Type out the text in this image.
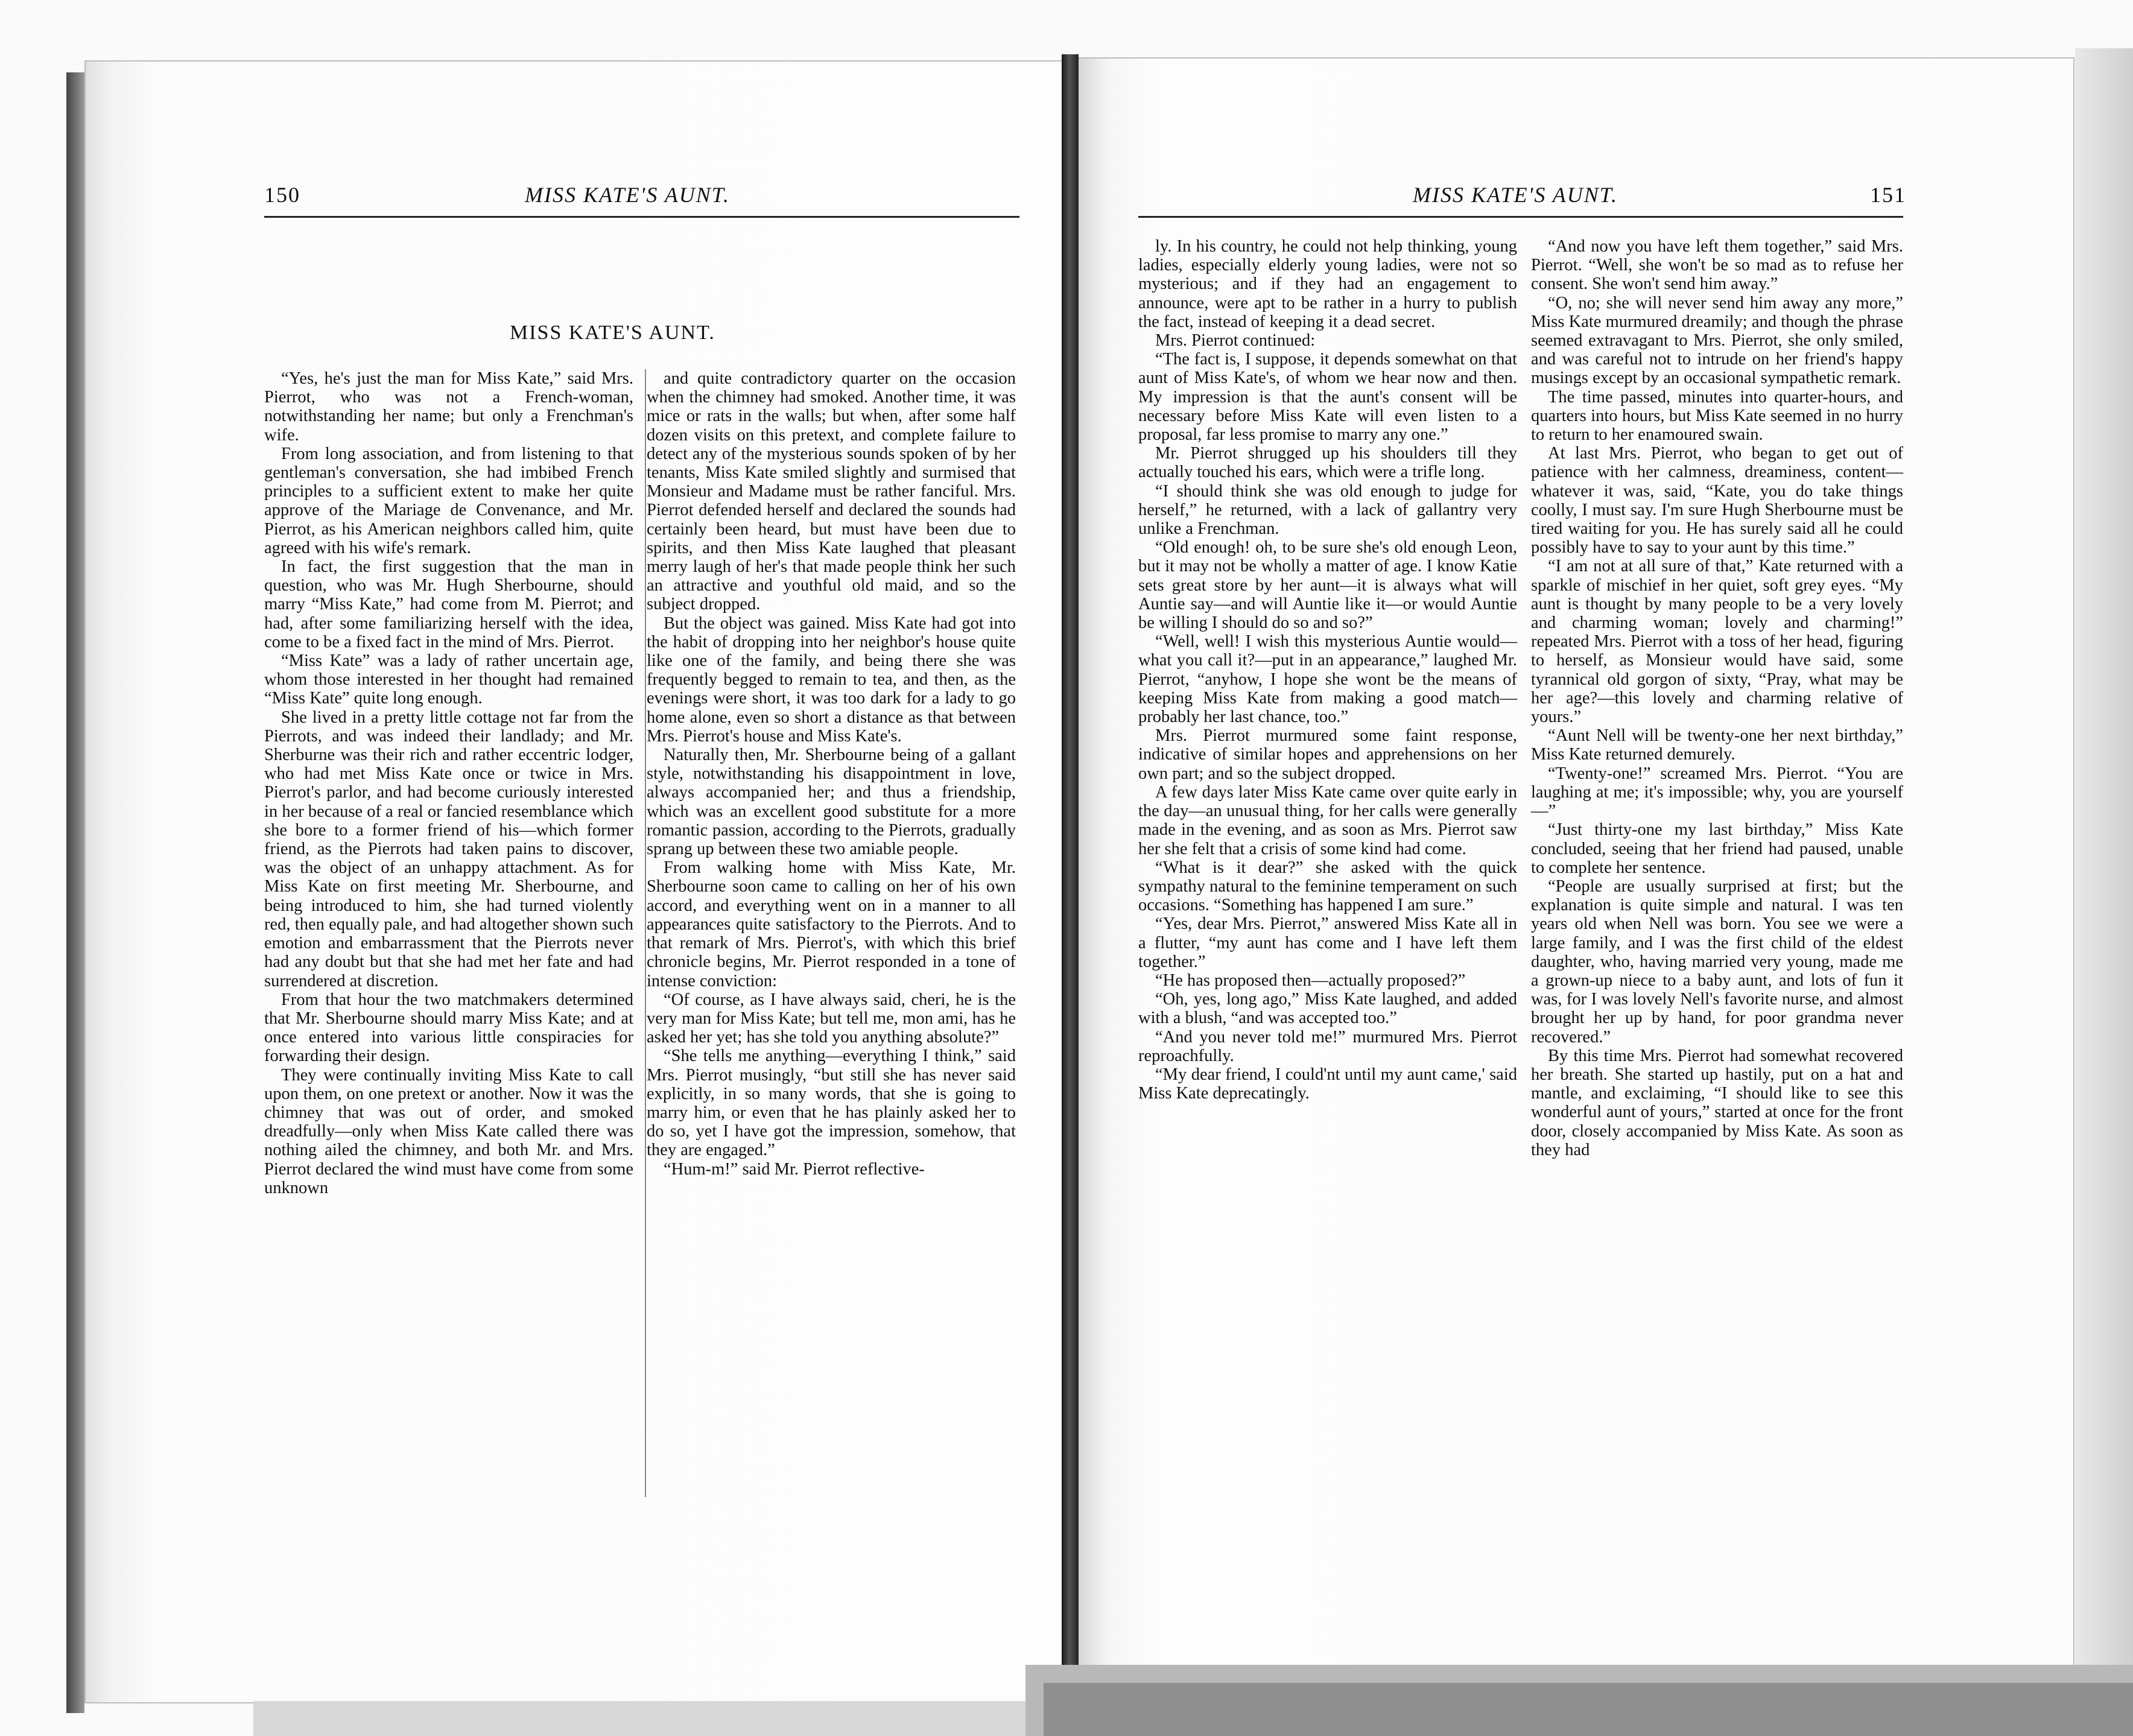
150	MISS KATE'S AUNT.
MISS KATE'S AUNT.

“Yes, he's just the man for Miss Kate,” said Mrs. Pierrot, who was not a French-woman, notwithstanding her name; but only a Frenchman's wife.

From long association, and from listening to that gentleman's conversation, she had imbibed French principles to a sufficient extent to make her quite approve of the Mariage de Convenance, and Mr. Pierrot, as his American neighbors called him, quite agreed with his wife's remark.

In fact, the first suggestion that the man in question, who was Mr. Hugh Sherbourne, should marry “Miss Kate,” had come from M. Pierrot; and had, after some familiarizing herself with the idea, come to be a fixed fact in the mind of Mrs. Pierrot.

“Miss Kate” was a lady of rather uncertain age, whom those interested in her thought had remained “Miss Kate” quite long enough.

She lived in a pretty little cottage not far from the Pierrots, and was indeed their landlady; and Mr. Sherburne was their rich and rather eccentric lodger, who had met Miss Kate once or twice in Mrs. Pierrot's parlor, and had become curiously interested in her because of a real or fancied resemblance which she bore to a former friend of his—which former friend, as the Pierrots had taken pains to discover, was the object of an unhappy attachment. As for Miss Kate on first meeting Mr. Sherbourne, and being introduced to him, she had turned violently red, then equally pale, and had altogether shown such emotion and embarrassment that the Pierrots never had any doubt but that she had met her fate and had surrendered at discretion.

From that hour the two matchmakers determined that Mr. Sherbourne should marry Miss Kate; and at once entered into various little conspiracies for forwarding their design.

They were continually inviting Miss Kate to call upon them, on one pretext or another. Now it was the chimney that was out of order, and smoked dreadfully—only when Miss Kate called there was nothing ailed the chimney, and both Mr. and Mrs. Pierrot declared the wind must have come from some unknown

and quite contradictory quarter on the occasion when the chimney had smoked. Another time, it was mice or rats in the walls; but when, after some half dozen visits on this pretext, and complete failure to detect any of the mysterious sounds spoken of by her tenants, Miss Kate smiled slightly and surmised that Monsieur and Madame must be rather fanciful. Mrs. Pierrot defended herself and declared the sounds had certainly been heard, but must have been due to spirits, and then Miss Kate laughed that pleasant merry laugh of her's that made people think her such an attractive and youthful old maid, and so the subject dropped.

But the object was gained. Miss Kate had got into the habit of dropping into her neighbor's house quite like one of the family, and being there she was frequently begged to remain to tea, and then, as the evenings were short, it was too dark for a lady to go home alone, even so short a distance as that between Mrs. Pierrot's house and Miss Kate's.

Naturally then, Mr. Sherbourne being of a gallant style, notwithstanding his disappointment in love, always accompanied her; and thus a friendship, which was an excellent good substitute for a more romantic passion, according to the Pierrots, gradually sprang up between these two amiable people.

From walking home with Miss Kate, Mr. Sherbourne soon came to calling on her of his own accord, and everything went on in a manner to all appearances quite satisfactory to the Pierrots. And to that remark of Mrs. Pierrot's, with which this brief chronicle begins, Mr. Pierrot responded in a tone of intense conviction:

“Of course, as I have always said, cheri, he is the very man for Miss Kate; but tell me, mon ami, has he asked her yet; has she told you anything absolute?”

“She tells me anything—everything I think,” said Mrs. Pierrot musingly, “but still she has never said explicitly, in so many words, that she is going to marry him, or even that he has plainly asked her to do so, yet I have got the impression, somehow, that they are engaged.”

“Hum-m!” said Mr. Pierrot reflective-

MISS KATE'S AUNT.	151

ly. In his country, he could not help thinking, young ladies, especially elderly young ladies, were not so mysterious; and if they had an engagement to announce, were apt to be rather in a hurry to publish the fact, instead of keeping it a dead secret.

Mrs. Pierrot continued:

“The fact is, I suppose, it depends somewhat on that aunt of Miss Kate's, of whom we hear now and then. My impression is that the aunt's consent will be necessary before Miss Kate will even listen to a proposal, far less promise to marry any one.”

Mr. Pierrot shrugged up his shoulders till they actually touched his ears, which were a trifle long.

“I should think she was old enough to judge for herself,” he returned, with a lack of gallantry very unlike a Frenchman.

“Old enough! oh, to be sure she's old enough Leon, but it may not be wholly a matter of age. I know Katie sets great store by her aunt—it is always what will Auntie say—and will Auntie like it—or would Auntie be willing I should do so and so?”

“Well, well! I wish this mysterious Auntie would—what you call it?—put in an appearance,” laughed Mr. Pierrot, “anyhow, I hope she wont be the means of keeping Miss Kate from making a good match—probably her last chance, too.”

Mrs. Pierrot murmured some faint response, indicative of similar hopes and apprehensions on her own part; and so the subject dropped.

A few days later Miss Kate came over quite early in the day—an unusual thing, for her calls were generally made in the evening, and as soon as Mrs. Pierrot saw her she felt that a crisis of some kind had come.

“What is it dear?” she asked with the quick sympathy natural to the feminine temperament on such occasions. “Something has happened I am sure.”

“Yes, dear Mrs. Pierrot,” answered Miss Kate all in a flutter, “my aunt has come and I have left them together.”

“He has proposed then—actually proposed?”

“Oh, yes, long ago,” Miss Kate laughed, and added with a blush, “and was accepted too.”

“And you never told me!” murmured Mrs. Pierrot reproachfully.

“My dear friend, I could'nt until my aunt came,' said Miss Kate deprecatingly.

“And now you have left them together,” said Mrs. Pierrot. “Well, she won't be so mad as to refuse her consent. She won't send him away.”

“O, no; she will never send him away any more,” Miss Kate murmured dreamily; and though the phrase seemed extravagant to Mrs. Pierrot, she only smiled, and was careful not to intrude on her friend's happy musings except by an occasional sympathetic remark.

The time passed, minutes into quarter-hours, and quarters into hours, but Miss Kate seemed in no hurry to return to her enamoured swain.

At last Mrs. Pierrot, who began to get out of patience with her calmness, dreaminess, content—whatever it was, said, “Kate, you do take things coolly, I must say. I'm sure Hugh Sherbourne must be tired waiting for you. He has surely said all he could possibly have to say to your aunt by this time.”

“I am not at all sure of that,” Kate returned with a sparkle of mischief in her quiet, soft grey eyes. “My aunt is thought by many people to be a very lovely and charming woman; lovely and charming!” repeated Mrs. Pierrot with a toss of her head, figuring to herself, as Monsieur would have said, some tyrannical old gorgon of sixty, “Pray, what may be her age?—this lovely and charming relative of yours.”

“Aunt Nell will be twenty-one her next birthday,” Miss Kate returned demurely.

“Twenty-one!” screamed Mrs. Pierrot. “You are laughing at me; it's impossible; why, you are yourself—”

“Just thirty-one my last birthday,” Miss Kate concluded, seeing that her friend had paused, unable to complete her sentence.

“People are usually surprised at first; but the explanation is quite simple and natural. I was ten years old when Nell was born. You see we were a large family, and I was the first child of the eldest daughter, who, having married very young, made me a grown-up niece to a baby aunt, and lots of fun it was, for I was lovely Nell's favorite nurse, and almost brought her up by hand, for poor grandma never recovered.”

By this time Mrs. Pierrot had somewhat recovered her breath. She started up hastily, put on a hat and mantle, and exclaiming, “I should like to see this wonderful aunt of yours,” started at once for the front door, closely accompanied by Miss Kate. As soon as they had
